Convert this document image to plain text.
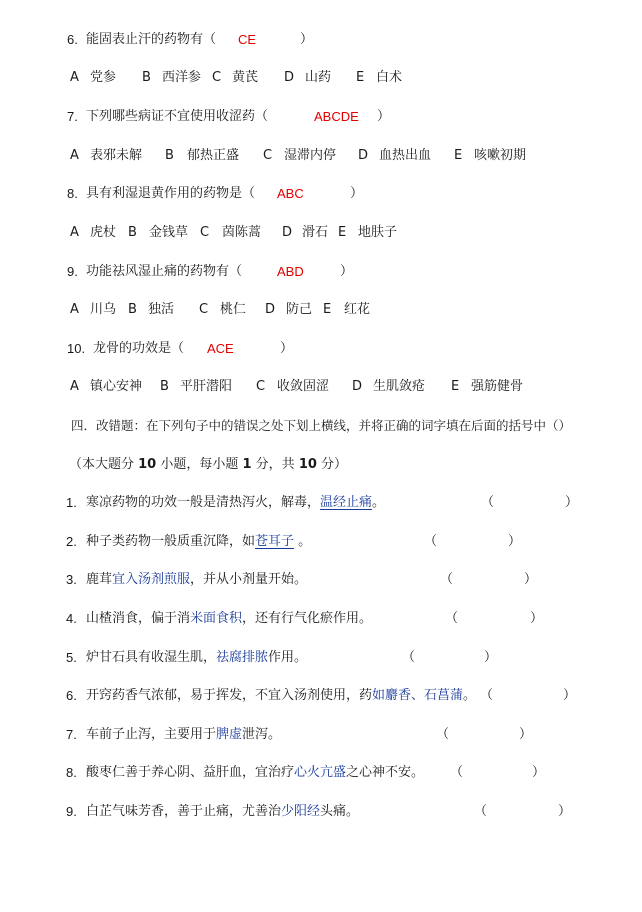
6. 能固表止汗的药物有（ CE	）
A 党参 B 西洋参 C 黄芪 D 山药 E 白术
7. 下列哪些病证不宜使用收涩药（	ABCDE ）
A 表邪未解 B 郁热正盛 C 湿滞内停 D 血热出血 E 咳嗽初期
8. 具有利湿退黄作用的药物是（ ABC	）
A 虎杖 B 金钱草 C 茵陈蒿 D 滑石 E 地肤子
9. 功能祛风湿止痛的药物有（	ABD	）
A 川乌 B 独活 C 桃仁 D 防己 E 红花
10. 龙骨的功效是（ ACE	）
A 镇心安神 B 平肝潜阳 C 收敛固涩 D 生肌敛疮 E 强筋健骨
四．改错题：在下列句子中的错误之处下划上横线，并将正确的词字填在后面的括号中（）
（本大题分 10 小题，每小题 1 分，共 10 分）
1. 寒凉药物的功效一般是清热泻火，解毒，温经止痛。	（	）
2. 种子类药物一般质重沉降，如苍耳子 。	（	）
3. 鹿茸宜入汤剂煎服，并从小剂量开始。	（	）
4. 山楂消食，偏于消米面食积，还有行气化瘀作用。	（	）
5. 炉甘石具有收湿生肌，祛腐排脓作用。	（	）
6. 开窍药香气浓郁，易于挥发，不宜入汤剂使用，药如麝香、石菖蒲。 （	）
7. 车前子止泻，主要用于脾虚泄泻。	（	）
8. 酸枣仁善于养心阴、益肝血，宜治疗心火亢盛之心神不安。 （	）
9. 白芷气味芳香，善于止痛，尤善治少阳经头痛。	（	）
